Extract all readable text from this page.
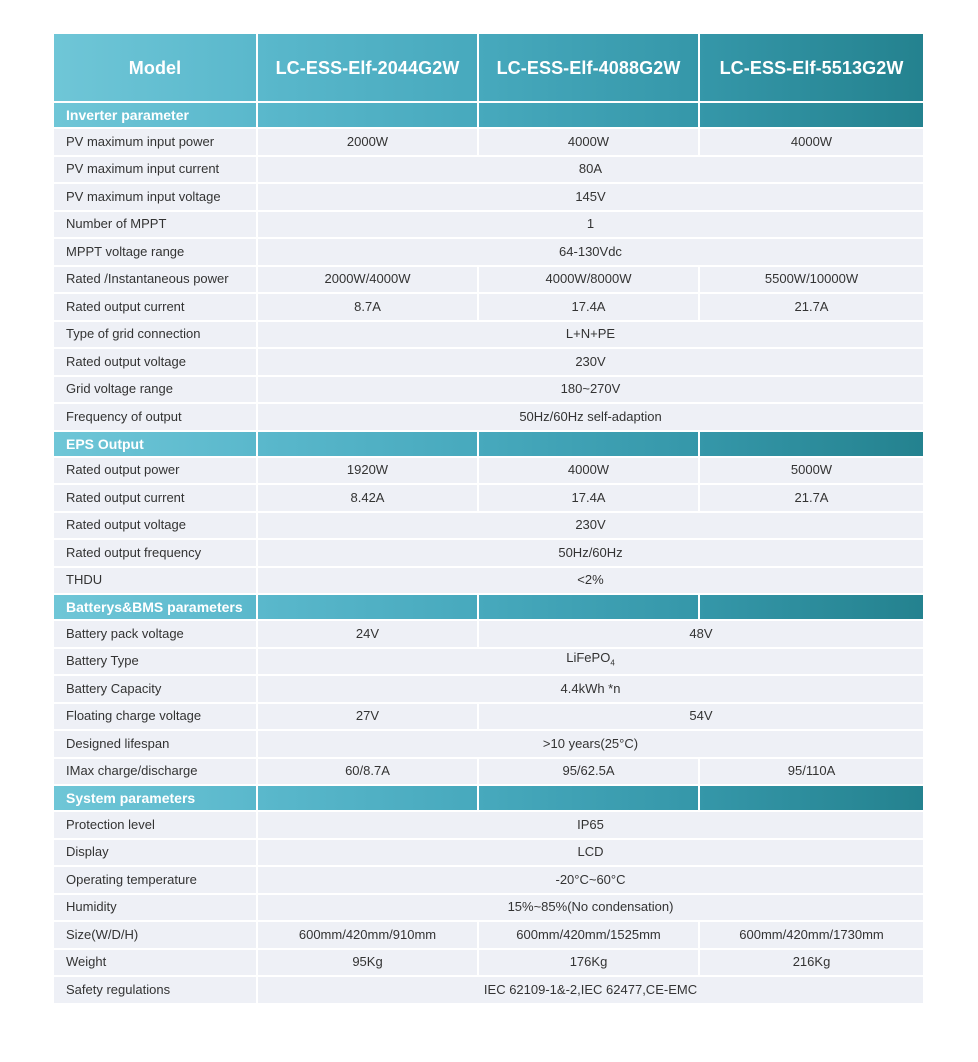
Model	LC-ESS-Elf-2044G2W	LC-ESS-Elf-4088G2W	LC-ESS-Elf-5513G2W
Inverter parameter			
PV maximum input power	2000W	4000W	4000W
PV maximum input current	80A		
PV maximum input voltage	145V		
Number of MPPT	1		
MPPT voltage range	64-130Vdc		
Rated /Instantaneous power	2000W/4000W	4000W/8000W	5500W/10000W
Rated output current	8.7A	17.4A	21.7A
Type of grid connection	L+N+PE		
Rated output voltage	230V		
Grid voltage range	180~270V		
Frequency of output	50Hz/60Hz self-adaption		
EPS Output			
Rated output power	1920W	4000W	5000W
Rated output current	8.42A	17.4A	21.7A
Rated output voltage	230V		
Rated output frequency	50Hz/60Hz		
THDU	<2%		
Batterys&BMS parameters			
Battery pack voltage	24V	48V	
Battery Type	LiFePO$_4$
Battery Capacity	4.4kWh *n		
Floating charge voltage	27V	54V	
Designed lifespan	>10 years(25°C)		
IMax charge/discharge	60/8.7A	95/62.5A	95/110A
System parameters			
Protection level	IP65		
Display	LCD		
Operating temperature	-20°C~60°C		
Humidity	15%~85%(No condensation)		
Size(W/D/H)	600mm/420mm/910mm	600mm/420mm/1525mm	600mm/420mm/1730mm
Weight	95Kg	176Kg	216Kg
Safety regulations	IEC 62109-1&-2,IEC 62477,CE-EMC		
